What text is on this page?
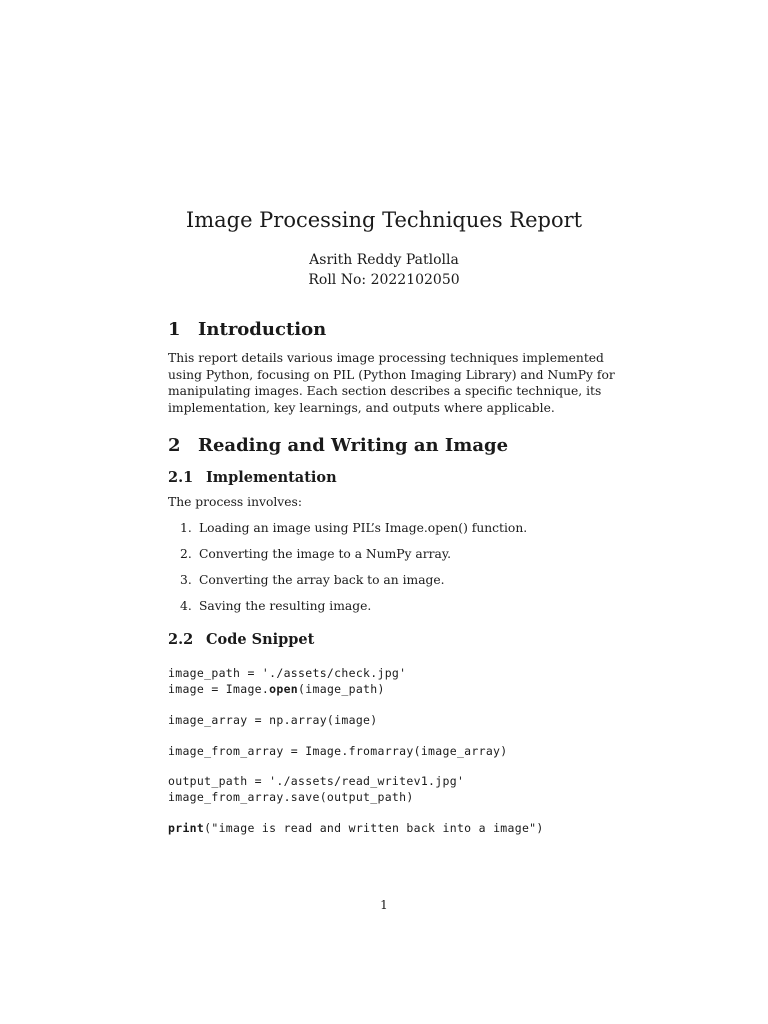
Image Processing Techniques Report
Asrith Reddy Patlolla
Roll No: 2022102050
1 Introduction

This report details various image processing techniques implemented using Python, focusing on PIL (Python Imaging Library) and NumPy for manipulating images. Each section describes a specific technique, its implementation, key learnings, and outputs where applicable.

2 Reading and Writing an Image
2.1 Implementation

The process involves:

1. Loading an image using PIL’s Image.open() function.
2. Converting the image to a NumPy array.
3. Converting the array back to an image.
4. Saving the resulting image.
2.2 Code Snippet
image_path = './assets/check.jpg'
image = Image.open(image_path)
image_array = np.array(image)
image_from_array = Image.fromarray(image_array)
output_path = './assets/read_writev1.jpg'
image_from_array.save(output_path)
print("image is read and written back into a image")
1
